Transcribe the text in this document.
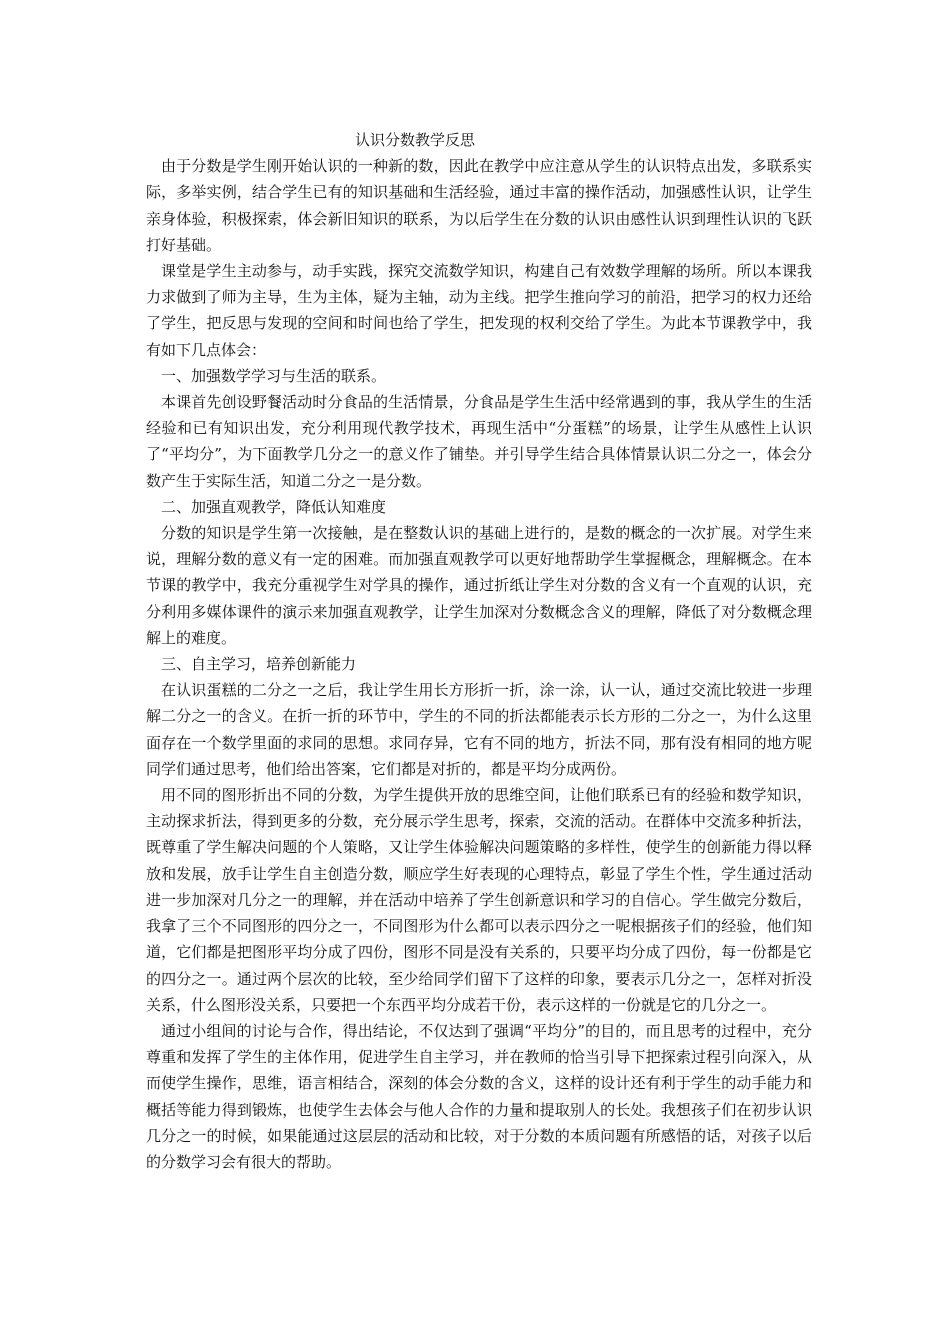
认识分数教学反思

由于分数是学生刚开始认识的一种新的数，因此在教学中应注意从学生的认识特点出发，多联系实际，多举实例，结合学生已有的知识基础和生活经验，通过丰富的操作活动，加强感性认识，让学生亲身体验，积极探索，体会新旧知识的联系，为以后学生在分数的认识由感性认识到理性认识的飞跃打好基础。

课堂是学生主动参与，动手实践，探究交流数学知识，构建自己有效数学理解的场所。所以本课我力求做到了师为主导，生为主体，疑为主轴，动为主线。把学生推向学习的前沿，把学习的权力还给了学生，把反思与发现的空间和时间也给了学生，把发现的权利交给了学生。为此本节课教学中，我有如下几点体会：

一、加强数学学习与生活的联系。

本课首先创设野餐活动时分食品的生活情景，分食品是学生生活中经常遇到的事，我从学生的生活经验和已有知识出发，充分利用现代教学技术，再现生活中“分蛋糕”的场景，让学生从感性上认识了“平均分”，为下面教学几分之一的意义作了铺垫。并引导学生结合具体情景认识二分之一，体会分数产生于实际生活，知道二分之一是分数。

二、加强直观教学，降低认知难度

分数的知识是学生第一次接触，是在整数认识的基础上进行的，是数的概念的一次扩展。对学生来说，理解分数的意义有一定的困难。而加强直观教学可以更好地帮助学生掌握概念，理解概念。在本节课的教学中，我充分重视学生对学具的操作，通过折纸让学生对分数的含义有一个直观的认识，充分利用多媒体课件的演示来加强直观教学，让学生加深对分数概念含义的理解，降低了对分数概念理解上的难度。

三、自主学习，培养创新能力

在认识蛋糕的二分之一之后，我让学生用长方形折一折，涂一涂，认一认，通过交流比较进一步理解二分之一的含义。在折一折的环节中，学生的不同的折法都能表示长方形的二分之一，为什么这里面存在一个数学里面的求同的思想。求同存异，它有不同的地方，折法不同，那有没有相同的地方呢同学们通过思考，他们给出答案，它们都是对折的，都是平均分成两份。

用不同的图形折出不同的分数，为学生提供开放的思维空间，让他们联系已有的经验和数学知识，主动探求折法，得到更多的分数，充分展示学生思考，探索，交流的活动。在群体中交流多种折法，既尊重了学生解决问题的个人策略，又让学生体验解决问题策略的多样性，使学生的创新能力得以释放和发展，放手让学生自主创造分数，顺应学生好表现的心理特点，彰显了学生个性，学生通过活动进一步加深对几分之一的理解，并在活动中培养了学生创新意识和学习的自信心。学生做完分数后，我拿了三个不同图形的四分之一，不同图形为什么都可以表示四分之一呢根据孩子们的经验，他们知道，它们都是把图形平均分成了四份，图形不同是没有关系的，只要平均分成了四份，每一份都是它的四分之一。通过两个层次的比较，至少给同学们留下了这样的印象，要表示几分之一，怎样对折没关系，什么图形没关系，只要把一个东西平均分成若干份，表示这样的一份就是它的几分之一。

通过小组间的讨论与合作，得出结论，不仅达到了强调“平均分”的目的，而且思考的过程中，充分尊重和发挥了学生的主体作用，促进学生自主学习，并在教师的恰当引导下把探索过程引向深入，从而使学生操作，思维，语言相结合，深刻的体会分数的含义，这样的设计还有利于学生的动手能力和概括等能力得到锻炼，也使学生去体会与他人合作的力量和提取别人的长处。我想孩子们在初步认识几分之一的时候，如果能通过这层层的活动和比较，对于分数的本质问题有所感悟的话，对孩子以后的分数学习会有很大的帮助。
